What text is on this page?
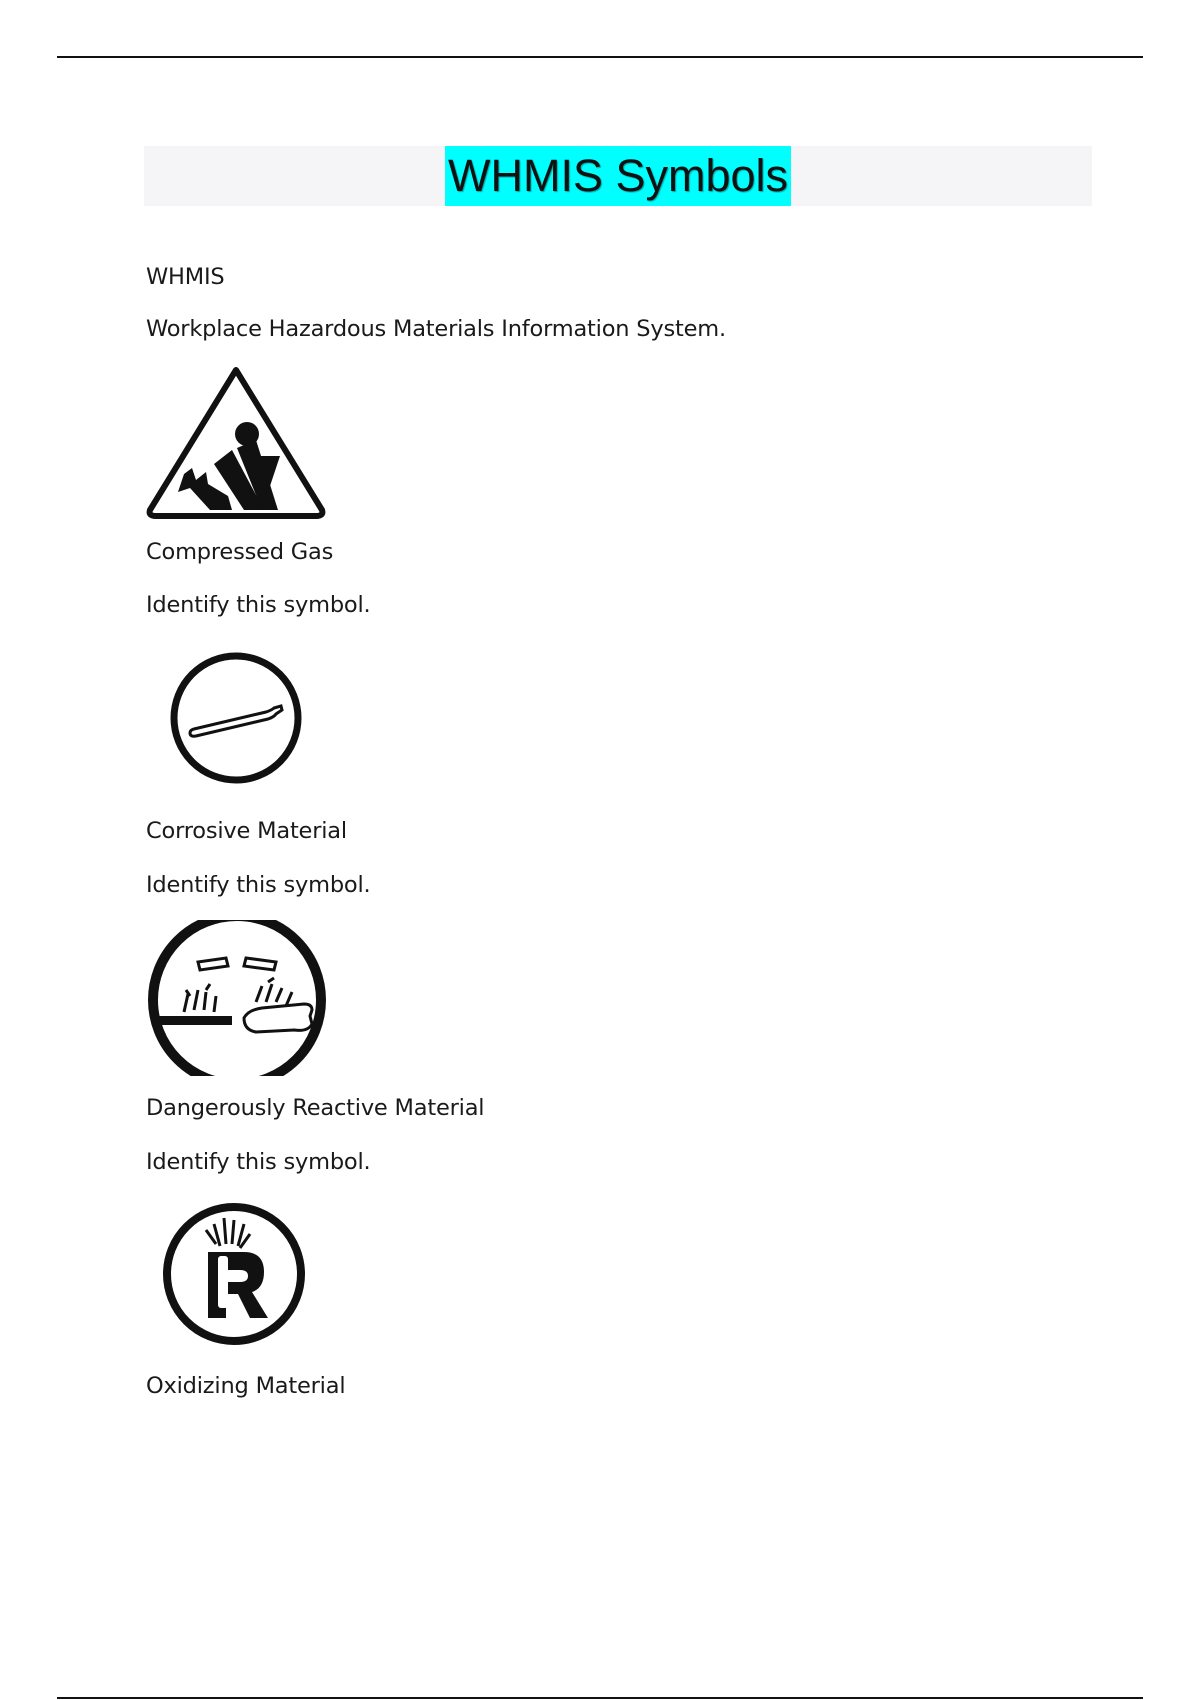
WHMIS Symbols
WHMIS
Workplace Hazardous Materials Information System.
Compressed Gas
Identify this symbol.
Corrosive Material
Identify this symbol.
Dangerously Reactive Material
Identify this symbol.
Oxidizing Material
